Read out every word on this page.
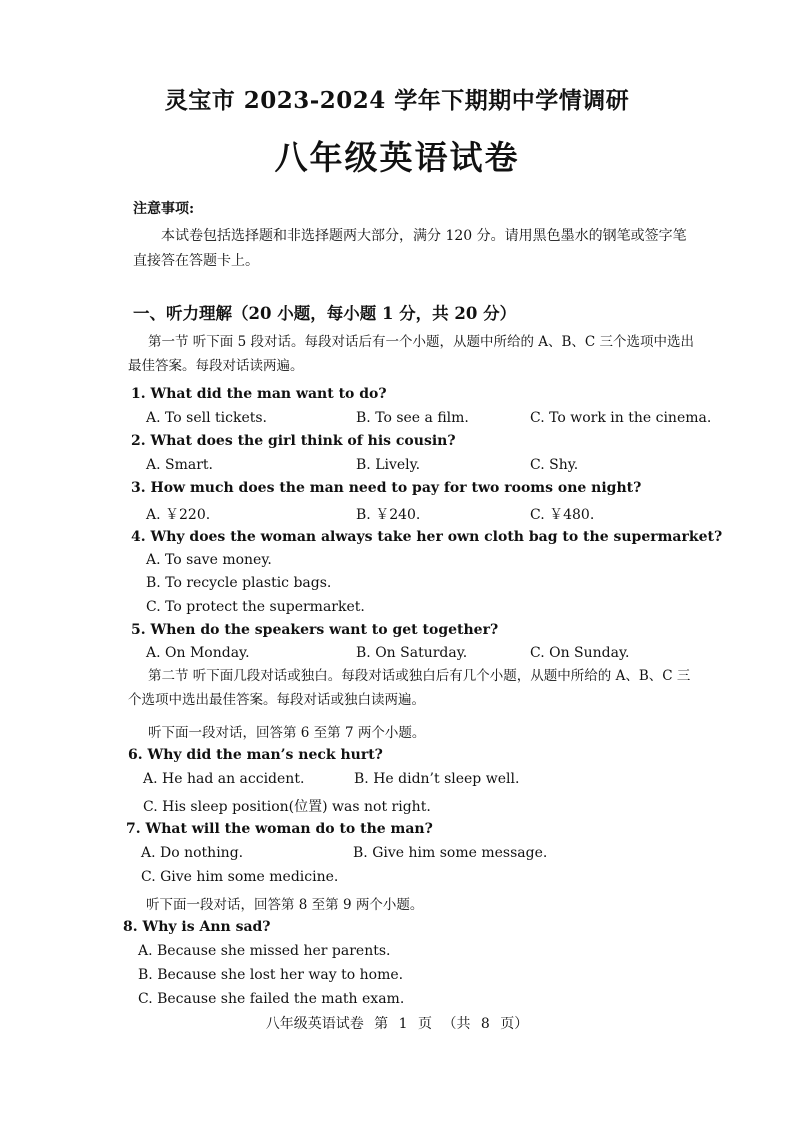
灵宝市 2023-2024 学年下期期中学情调研
八年级英语试卷
注意事项:
本试卷包括选择题和非选择题两大部分，满分 120 分。请用黑色墨水的钢笔或签字笔直接答在答题卡上。
一、听力理解（20 小题，每小题 1 分，共 20 分）
第一节 听下面 5 段对话。每段对话后有一个小题，从题中所给的 A、B、C 三个选项中选出最佳答案。每段对话读两遍。
1. What did the man want to do?
A. To sell tickets.	B. To see a film.	C. To work in the cinema.
2. What does the girl think of his cousin?
A. Smart.	B. Lively.	C. Shy.
3. How much does the man need to pay for two rooms one night?
A. ￥220.	B. ￥240.	C. ￥480.
4. Why does the woman always take her own cloth bag to the supermarket?
A. To save money.
B. To recycle plastic bags.
C. To protect the supermarket.
5. When do the speakers want to get together?
A. On Monday.	B. On Saturday.	C. On Sunday.
第二节 听下面几段对话或独白。每段对话或独白后有几个小题，从题中所给的 A、B、C 三个选项中选出最佳答案。每段对话或独白读两遍。
听下面一段对话，回答第 6 至第 7 两个小题。
6. Why did the man’s neck hurt?
A. He had an accident.	B. He didn’t sleep well.
C. His sleep position(位置) was not right.
7. What will the woman do to the man?
A. Do nothing.	B. Give him some message.
C. Give him some medicine.
听下面一段对话，回答第 8 至第 9 两个小题。
8. Why is Ann sad?
A. Because she missed her parents.
B. Because she lost her way to home.
C. Because she failed the math exam.
八年级英语试卷 第 1 页 （共 8 页）
